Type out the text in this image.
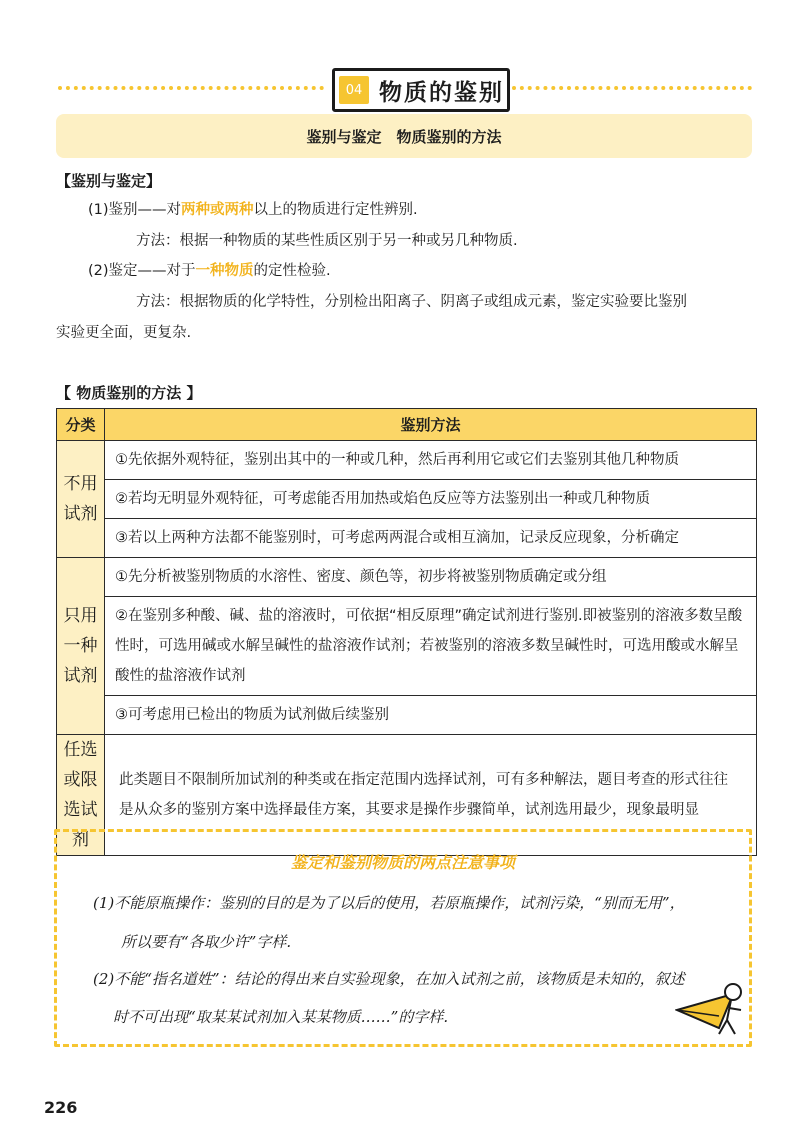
04 物质的鉴别
鉴别与鉴定　物质鉴别的方法
【鉴别与鉴定】
(1)鉴别——对两种或两种以上的物质进行定性辨别.
方法：根据一种物质的某些性质区别于另一种或另几种物质.
(2)鉴定——对于一种物质的定性检验.
方法：根据物质的化学特性，分别检出阳离子、阴离子或组成元素，鉴定实验要比鉴别
实验更全面，更复杂.
【 物质鉴别的方法 】
分类	鉴别方法
不用试剂	①先依据外观特征，鉴别出其中的一种或几种，然后再利用它或它们去鉴别其他几种物质
	②若均无明显外观特征，可考虑能否用加热或焰色反应等方法鉴别出一种或几种物质
	③若以上两种方法都不能鉴别时，可考虑两两混合或相互滴加，记录反应现象，分析确定
只用一种试剂	①先分析被鉴别物质的水溶性、密度、颜色等，初步将被鉴别物质确定或分组
	②在鉴别多种酸、碱、盐的溶液时，可依据“相反原理”确定试剂进行鉴别.即被鉴别的溶液多数呈酸性时，可选用碱或水解呈碱性的盐溶液作试剂；若被鉴别的溶液多数呈碱性时，可选用酸或水解呈酸性的盐溶液作试剂
	③可考虑用已检出的物质为试剂做后续鉴别
任选或限选试剂	此类题目不限制所加试剂的种类或在指定范围内选择试剂，可有多种解法，题目考查的形式往往是从众多的鉴别方案中选择最佳方案，其要求是操作步骤简单，试剂选用最少，现象最明显
鉴定和鉴别物质的两点注意事项
(1)不能原瓶操作：鉴别的目的是为了以后的使用，若原瓶操作，试剂污染，“别而无用”，
所以要有“各取少许”字样.
(2)不能“指名道姓”：结论的得出来自实验现象，在加入试剂之前，该物质是未知的，叙述
时不可出现“取某某试剂加入某某物质……”的字样.
226
